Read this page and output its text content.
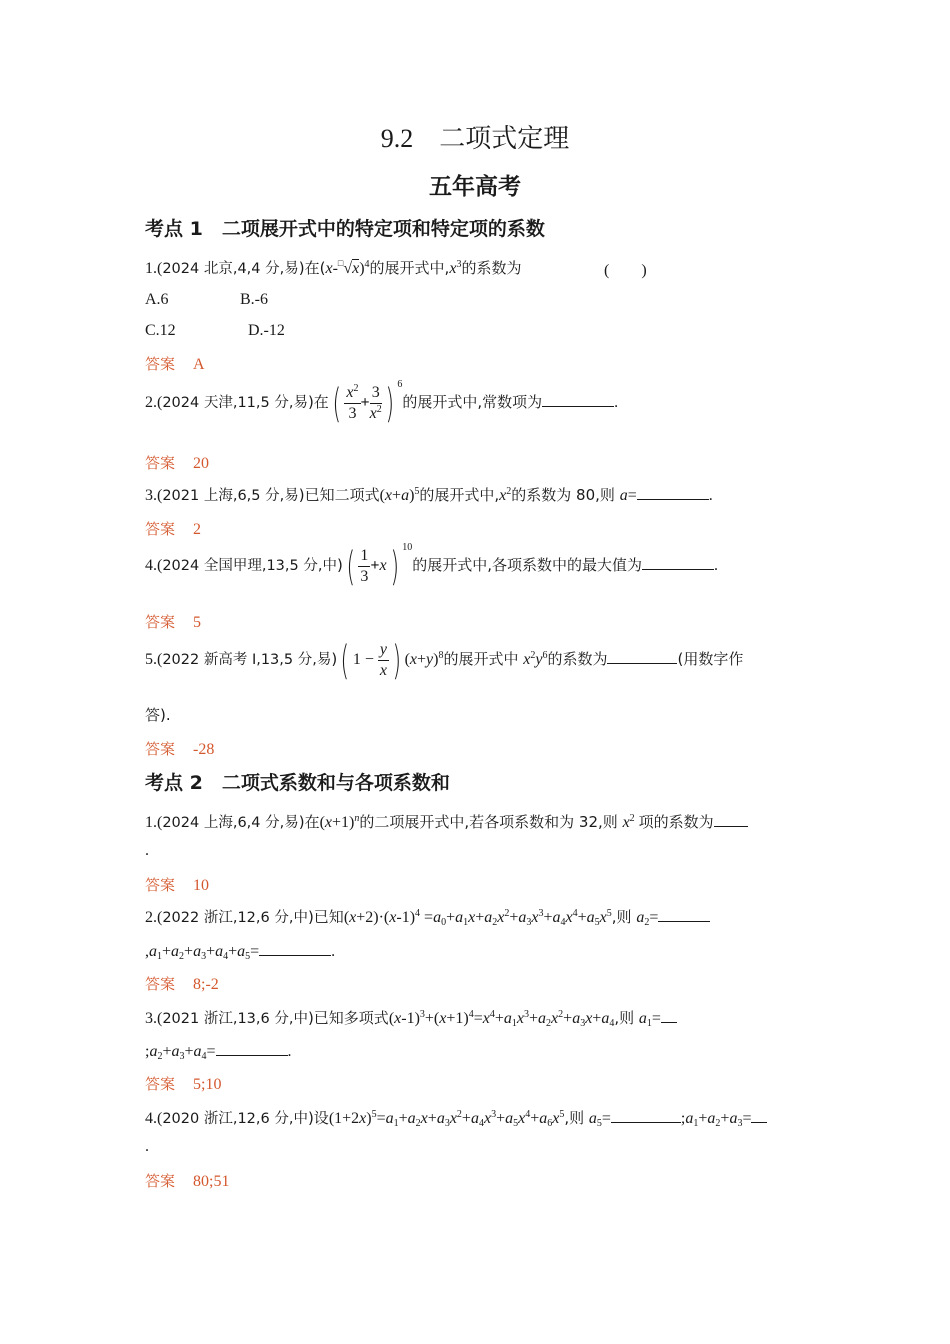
9.2　二项式定理
五年高考
考点 1　二项展开式中的特定项和特定项的系数
1.(2024 北京,4,4 分,易)在$(x-^□√x)^4$的展开式中$,x^3$的系数为	(　　)
A.6	B.-6
C.12	D.-12
答案 A
2.(2024 天津,11,5 分,易)在( $\frac{x^2}{3} + \frac{3}{x^2}$ ) $^6$的展开式中,常数项为	.
答案 20
3.(2021 上海,6,5 分,易)已知二项式$(x+a)^5$的展开式中$,x^2$的系数为 80,则 a=	.
答案 2
4.(2024 全国甲理,13,5 分,中)( $\frac{1}{3} +x$) $^{10}$的展开式中,各项系数中的最大值为	.
答案 5
5.(2022 新高考 Ⅰ,13,5 分,易)( $1 - \frac{y}{x}$ ) $(x+y)^8$的展开式中 $x^2y^6$的系数为	(用数字作
答).
答案 -28
考点 2　二项式系数和与各项系数和
1.(2024 上海,6,4 分,易)在$(x+1)^n$的二项展开式中,若各项系数和为 32,则 $x^2$ 项的系数为
.
答案 10
2.(2022 浙江,12,6 分,中)已知$(x+2)\cdot(x-1)^4 =a_0+a_1x+a_2x^2+a_3x^3+a_4x^4+a_5x^5$,则 $a_2=$
$,a_1+a_2+a_3+a_4+a_5=$	.
答案 8;-2
3.(2021 浙江,13,6 分,中)已知多项式$(x-1)^3+(x+1)^4=x^4+a_1x^3+a_2x^2+a_3x+a_4$,则 $a_1=$
$;a_2+a_3+a_4=$	.
答案 5;10
4.(2020 浙江,12,6 分,中)设$(1+2x)^5=a_1+a_2x+a_3x^2+a_4x^3+a_5x^4+a_6x^5$,则 $a_5=$	$;a_1+a_2+a_3=$
.
答案 80;51
